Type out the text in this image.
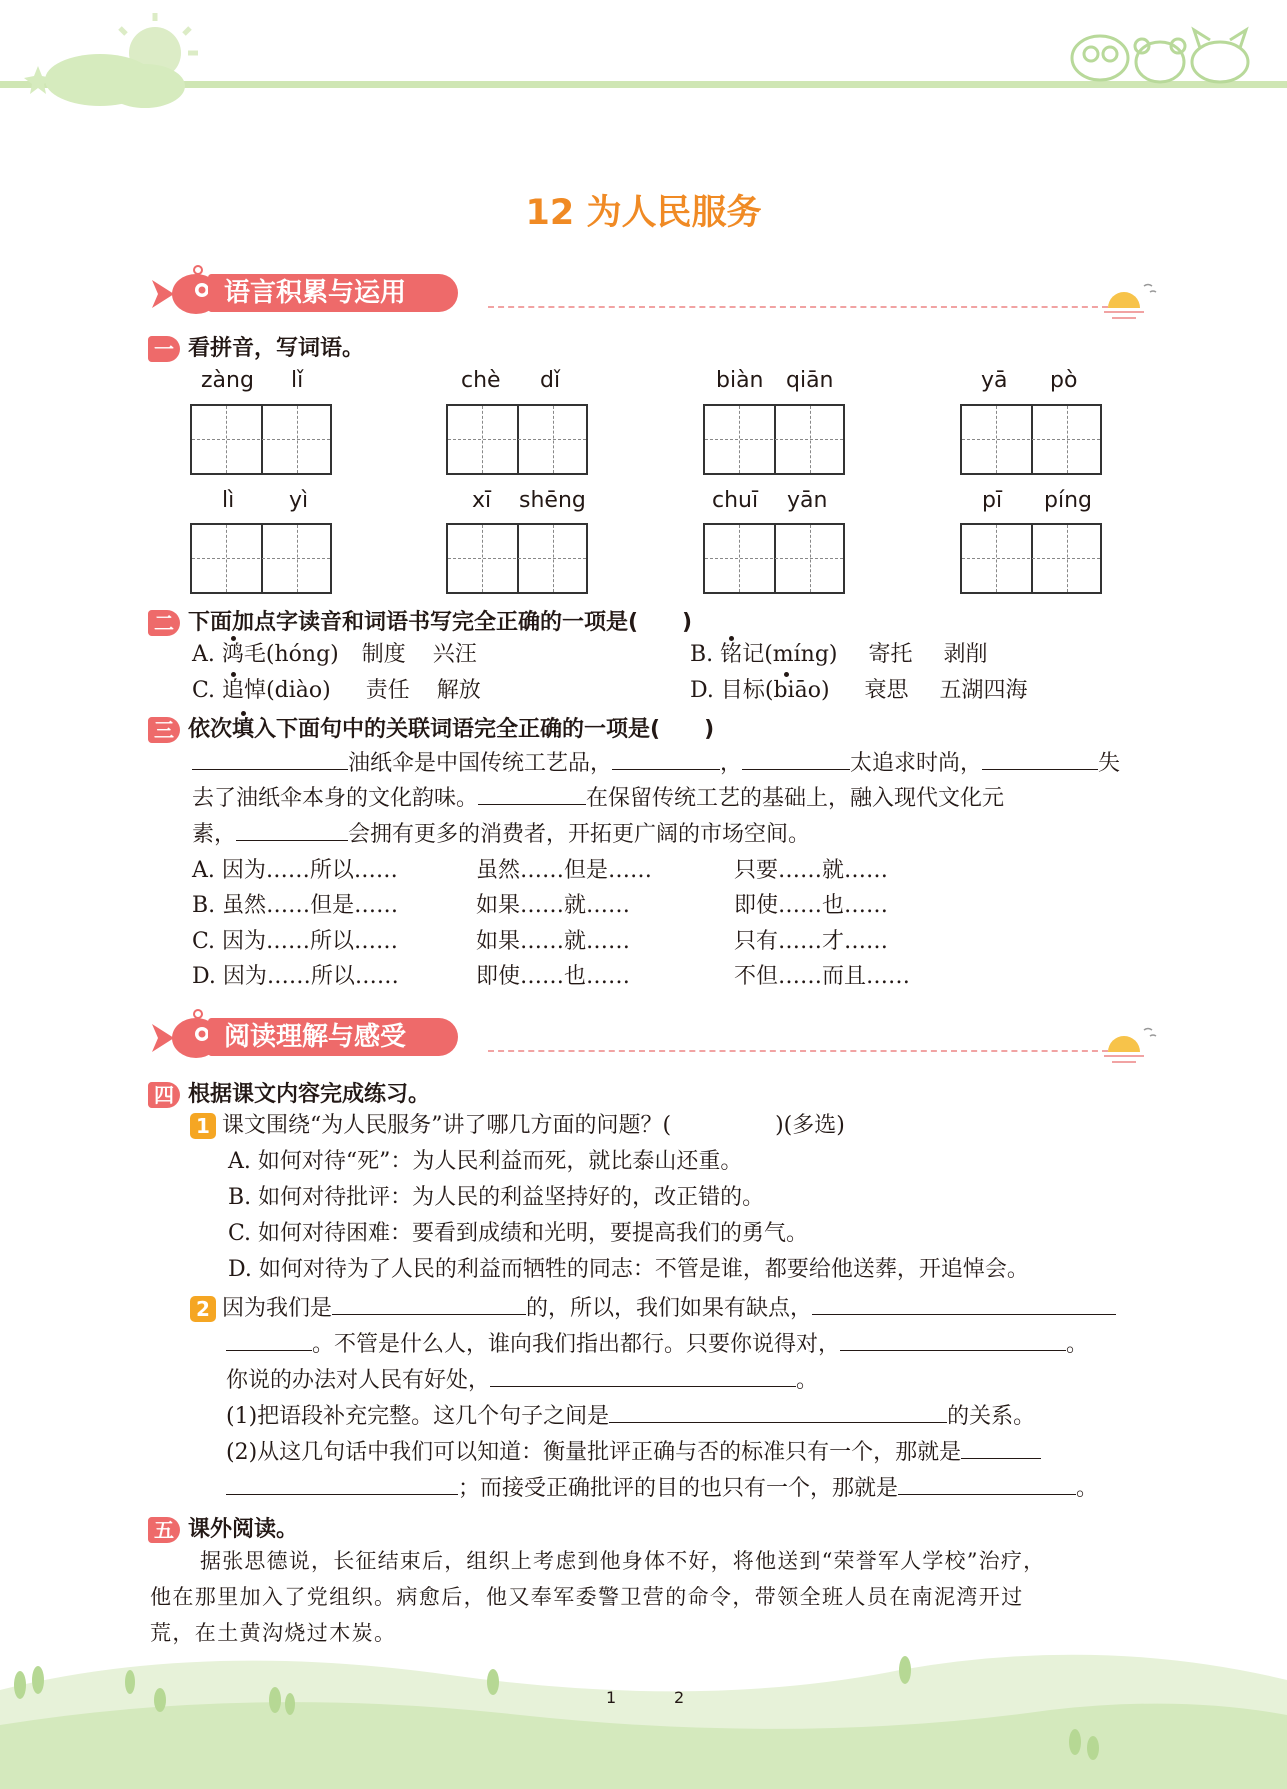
12 为人民服务
语言积累与运用
一 看拼音，写词语。
zàng lǐ	chè dǐ	biàn qiān	yā pò
lì yì	xī shēng	chuī yān	pī píng
二 下面加点字读音和词语书写完全正确的一项是(　　)
A. 鸿毛(hóng) 制度 兴汪	B. 铭记(míng) 寄托 剥削
C. 追悼(diào) 责任 解放	D. 目标(biāo) 衰思 五湖四海
三 依次填入下面句中的关联词语完全正确的一项是(　　)
油纸伞是中国传统工艺品，	，	太追求时尚，	失
去了油纸伞本身的文化韵味。	在保留传统工艺的基础上，融入现代文化元
素，	会拥有更多的消费者，开拓更广阔的市场空间。
A. 因为……所以……	虽然……但是……	只要……就……
B. 虽然……但是……	如果……就……	即使……也……
C. 因为……所以……	如果……就……	只有……才……
D. 因为……所以……	即使……也……	不但……而且……
阅读理解与感受
四 根据课文内容完成练习。
1 课文围绕“为人民服务”讲了哪几方面的问题？(	)(多选)
A. 如何对待“死”：为人民利益而死，就比泰山还重。
B. 如何对待批评：为人民的利益坚持好的，改正错的。
C. 如何对待困难：要看到成绩和光明，要提高我们的勇气。
D. 如何对待为了人民的利益而牺牲的同志：不管是谁，都要给他送葬，开追悼会。
2 因为我们是	的，所以，我们如果有缺点，
。不管是什么人，谁向我们指出都行。只要你说得对，	。
你说的办法对人民有好处，	。
(1)把语段补充完整。这几个句子之间是	的关系。
(2)从这几句话中我们可以知道：衡量批评正确与否的标准只有一个，那就是
；而接受正确批评的目的也只有一个，那就是	。
五 课外阅读。
据张思德说，长征结束后，组织上考虑到他身体不好，将他送到“荣誉军人学校”治疗，
他在那里加入了党组织。病愈后，他又奉军委警卫营的命令，带领全班人员在南泥湾开过
荒，在土黄沟烧过木炭。
1	2
